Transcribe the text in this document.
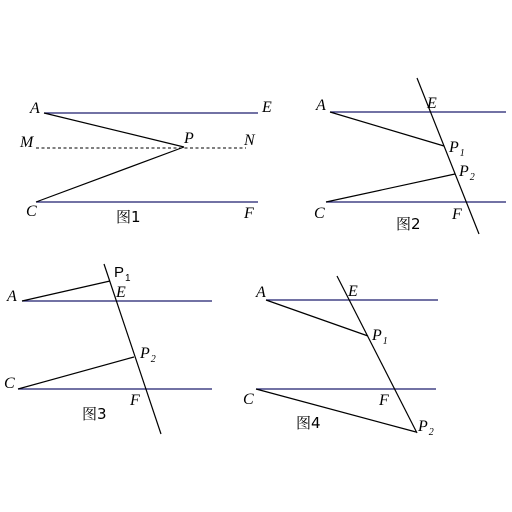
A	E
M	N
P
C	F
图1
A	E
$P_1$
$P_2$
C	F
图2
A	E
$P_1$
$P_2$
C
F
图3
A	E
$P_1$
C	F
$P_2$
图4
